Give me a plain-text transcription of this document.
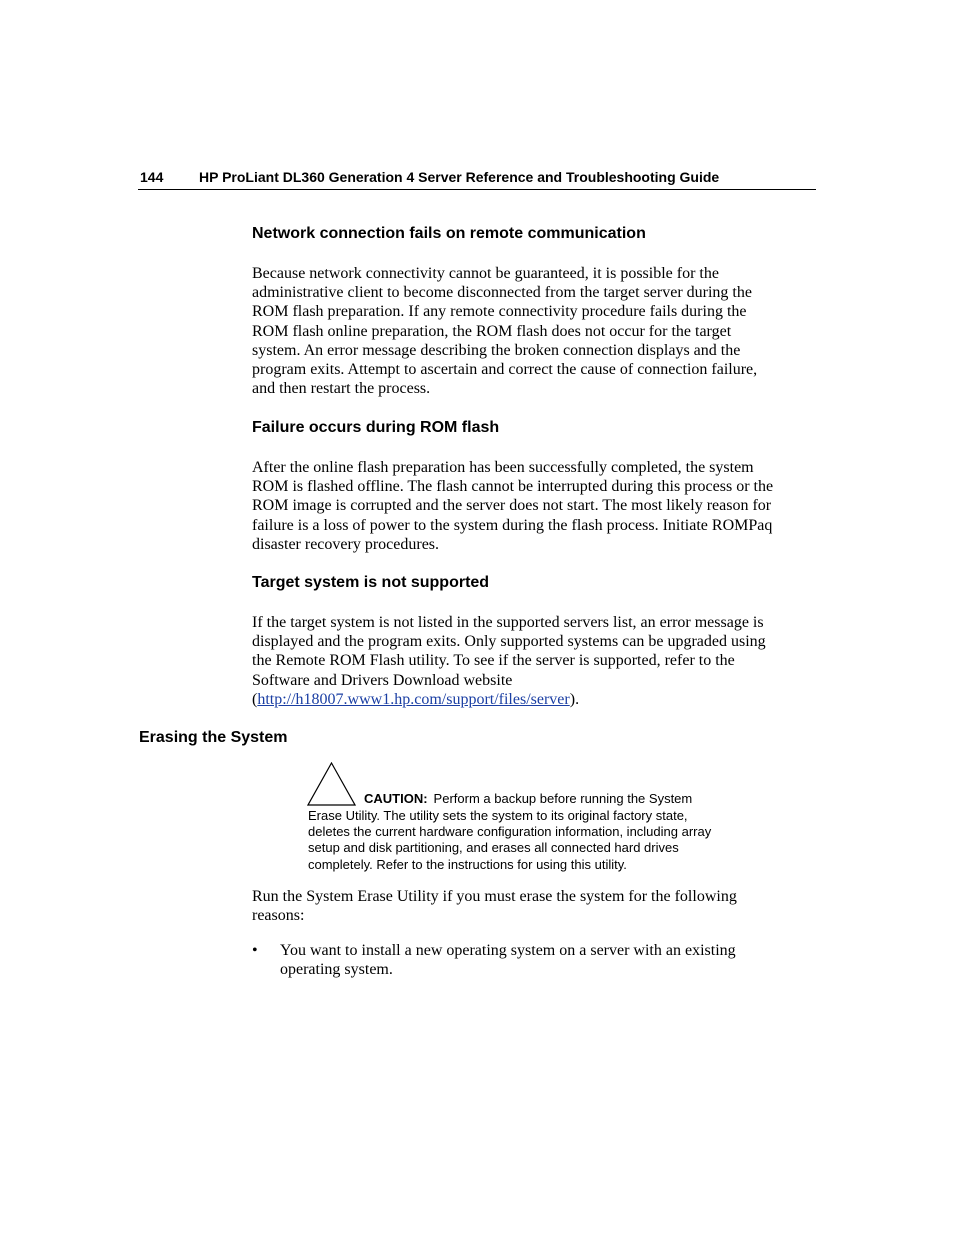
144	HP ProLiant DL360 Generation 4 Server Reference and Troubleshooting Guide
Network connection fails on remote communication

Because network connectivity cannot be guaranteed, it is possible for the
administrative client to become disconnected from the target server during the
ROM flash preparation. If any remote connectivity procedure fails during the
ROM flash online preparation, the ROM flash does not occur for the target
system. An error message describing the broken connection displays and the
program exits. Attempt to ascertain and correct the cause of connection failure,
and then restart the process.

Failure occurs during ROM flash

After the online flash preparation has been successfully completed, the system
ROM is flashed offline. The flash cannot be interrupted during this process or the
ROM image is corrupted and the server does not start. The most likely reason for
failure is a loss of power to the system during the flash process. Initiate ROMPaq
disaster recovery procedures.

Target system is not supported

If the target system is not listed in the supported servers list, an error message is
displayed and the program exits. Only supported systems can be upgraded using
the Remote ROM Flash utility. To see if the server is supported, refer to the
Software and Drivers Download website
(http://h18007.www1.hp.com/support/files/server).

Erasing the System
CAUTION: Perform a backup before running the System
Erase Utility. The utility sets the system to its original factory state,
deletes the current hardware configuration information, including array
setup and disk partitioning, and erases all connected hard drives
completely. Refer to the instructions for using this utility.

Run the System Erase Utility if you must erase the system for the following
reasons:

• You want to install a new operating system on a server with an existing
operating system.
